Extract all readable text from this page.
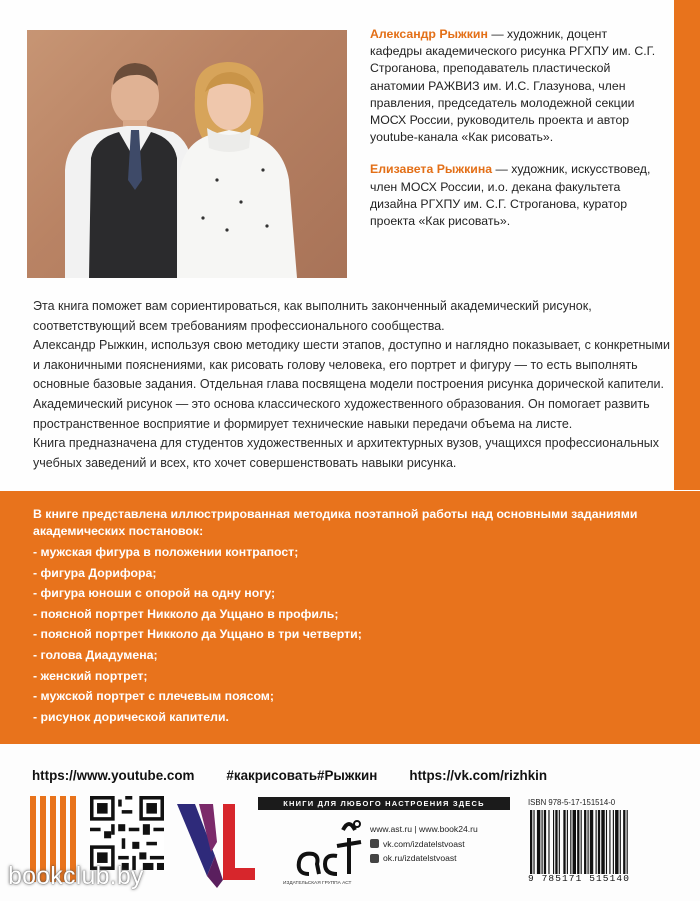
Александр Рыжкин — художник, доцент кафедры академического рисунка РГХПУ им. С.Г. Строганова, преподаватель пластической анатомии РАЖВИЗ им. И.С. Глазунова, член правления, председатель молодежной секции МОСХ России, руководитель проекта и автор youtube-канала «Как рисовать».

Елизавета Рыжкина — художник, искусствовед, член МОСХ России, и.о. декана факультета дизайна РГХПУ им. С.Г. Строганова, куратор проекта «Как рисовать».

Эта книга поможет вам сориентироваться, как выполнить законченный академический рисунок,

соответствующий всем требованиям профессионального сообщества.

Александр Рыжкин, используя свою методику шести этапов, доступно и наглядно показывает, с конкретными

и лаконичными пояснениями, как рисовать голову человека, его портрет и фигуру — то есть выполнять

основные базовые задания. Отдельная глава посвящена модели построения рисунка дорической капители.

Академический рисунок — это основа классического художественного образования. Он помогает развить

пространственное восприятие и формирует технические навыки передачи объема на листе.

Книга предназначена для студентов художественных и архитектурных вузов, учащихся профессиональных

учебных заведений и всех, кто хочет совершенствовать навыки рисунка.

В книге представлена иллюстрированная методика поэтапной работы над основными заданиями академических постановок:
- мужская фигура в положении контрапост;
- фигура Дорифора;
- фигура юноши с опорой на одну ногу;
- поясной портрет Никколо да Уццано в профиль;
- поясной портрет Никколо да Уццано в три четверти;
- голова Диадумена;
- женский портрет;
- мужской портрет с плечевым поясом;
- рисунок дорической капители.
https://www.youtube.com #какрисовать#Рыжкин https://vk.com/rizhkin
КНИГИ ДЛЯ ЛЮБОГО НАСТРОЕНИЯ ЗДЕСЬ
ИЗДАТЕЛЬСКАЯ ГРУППА АСТ
www.ast.ru | www.book24.ru
vk.com/izdatelstvoast
ok.ru/izdatelstvoast
ISBN 978-5-17-151514-0
9 785171 515140
bookclub.by
